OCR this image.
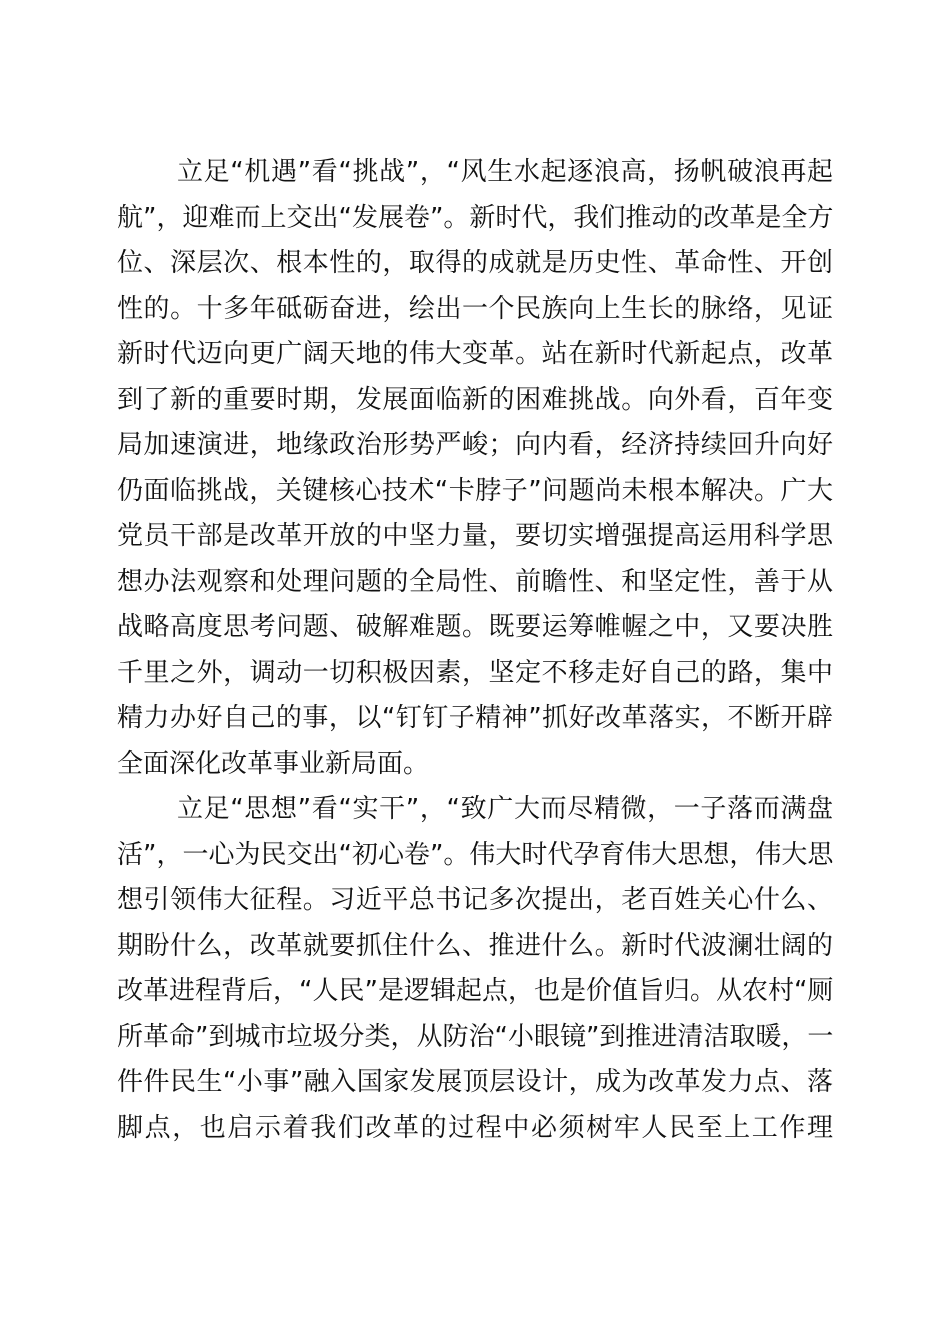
立足“机遇”看“挑战”，“风生水起逐浪高，扬帆破浪再起
航”，迎难而上交出“发展卷”。新时代，我们推动的改革是全方
位、深层次、根本性的，取得的成就是历史性、革命性、开创
性的。十多年砥砺奋进，绘出一个民族向上生长的脉络，见证
新时代迈向更广阔天地的伟大变革。站在新时代新起点，改革
到了新的重要时期，发展面临新的困难挑战。向外看，百年变
局加速演进，地缘政治形势严峻；向内看，经济持续回升向好
仍面临挑战，关键核心技术“卡脖子”问题尚未根本解决。广大
党员干部是改革开放的中坚力量，要切实增强提高运用科学思
想办法观察和处理问题的全局性、前瞻性、和坚定性，善于从
战略高度思考问题、破解难题。既要运筹帷幄之中，又要决胜
千里之外，调动一切积极因素，坚定不移走好自己的路，集中
精力办好自己的事，以“钉钉子精神”抓好改革落实，不断开辟
全面深化改革事业新局面。
立足“思想”看“实干”，“致广大而尽精微，一子落而满盘
活”，一心为民交出“初心卷”。伟大时代孕育伟大思想，伟大思
想引领伟大征程。习近平总书记多次提出，老百姓关心什么、
期盼什么，改革就要抓住什么、推进什么。新时代波澜壮阔的
改革进程背后，“人民”是逻辑起点，也是价值旨归。从农村“厕
所革命”到城市垃圾分类，从防治“小眼镜”到推进清洁取暖，一
件件民生“小事”融入国家发展顶层设计，成为改革发力点、落
脚点，也启示着我们改革的过程中必须树牢人民至上工作理
